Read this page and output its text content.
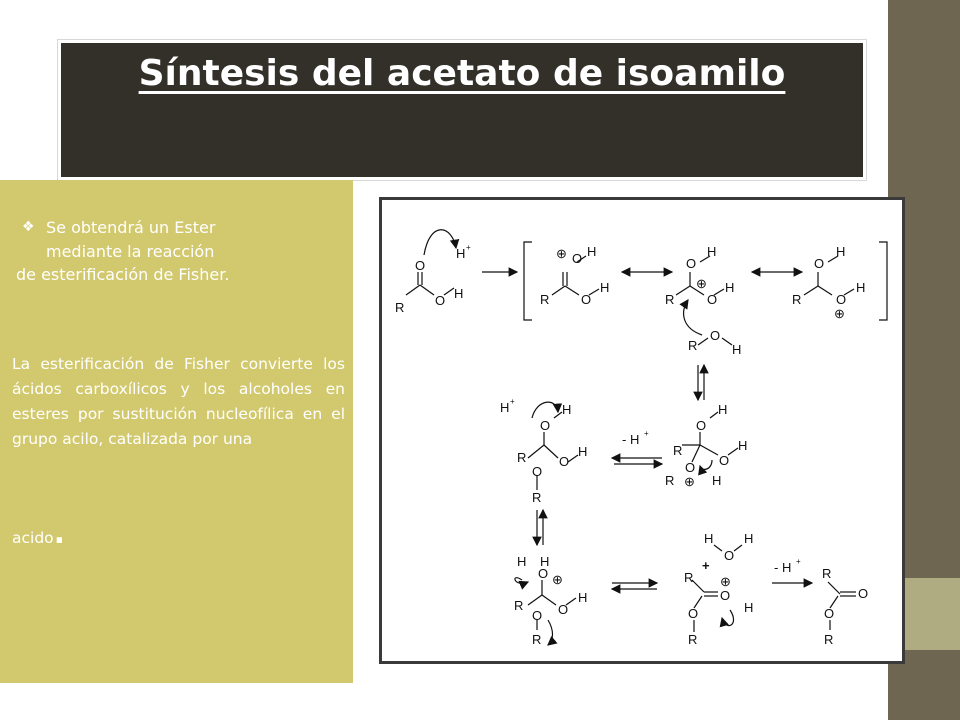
Síntesis del acetato de isoamilo
❖ Se obtendrá un Ester
mediante la reacción
de esterificación de Fisher.
La esterificación de Fisher convierte los ácidos carboxílicos y los alcoholes en esteres por sustitución nucleofílica en el grupo acilo, catalizada por una
acido.
R
O
O H
H +
R
O
⊕ H
O
H
R
O
H
⊕
O
H
R
O
H
O
H
⊕
R
O
H
O
H
R
O
H
O
R	H
⊕
- H +
O
H
H +
R	O
H
O
R
H H
O ⊕
R	O
H
O
R
H
O
H
+
R
O
⊕
H
O
R
- H +
R
O
O
R
